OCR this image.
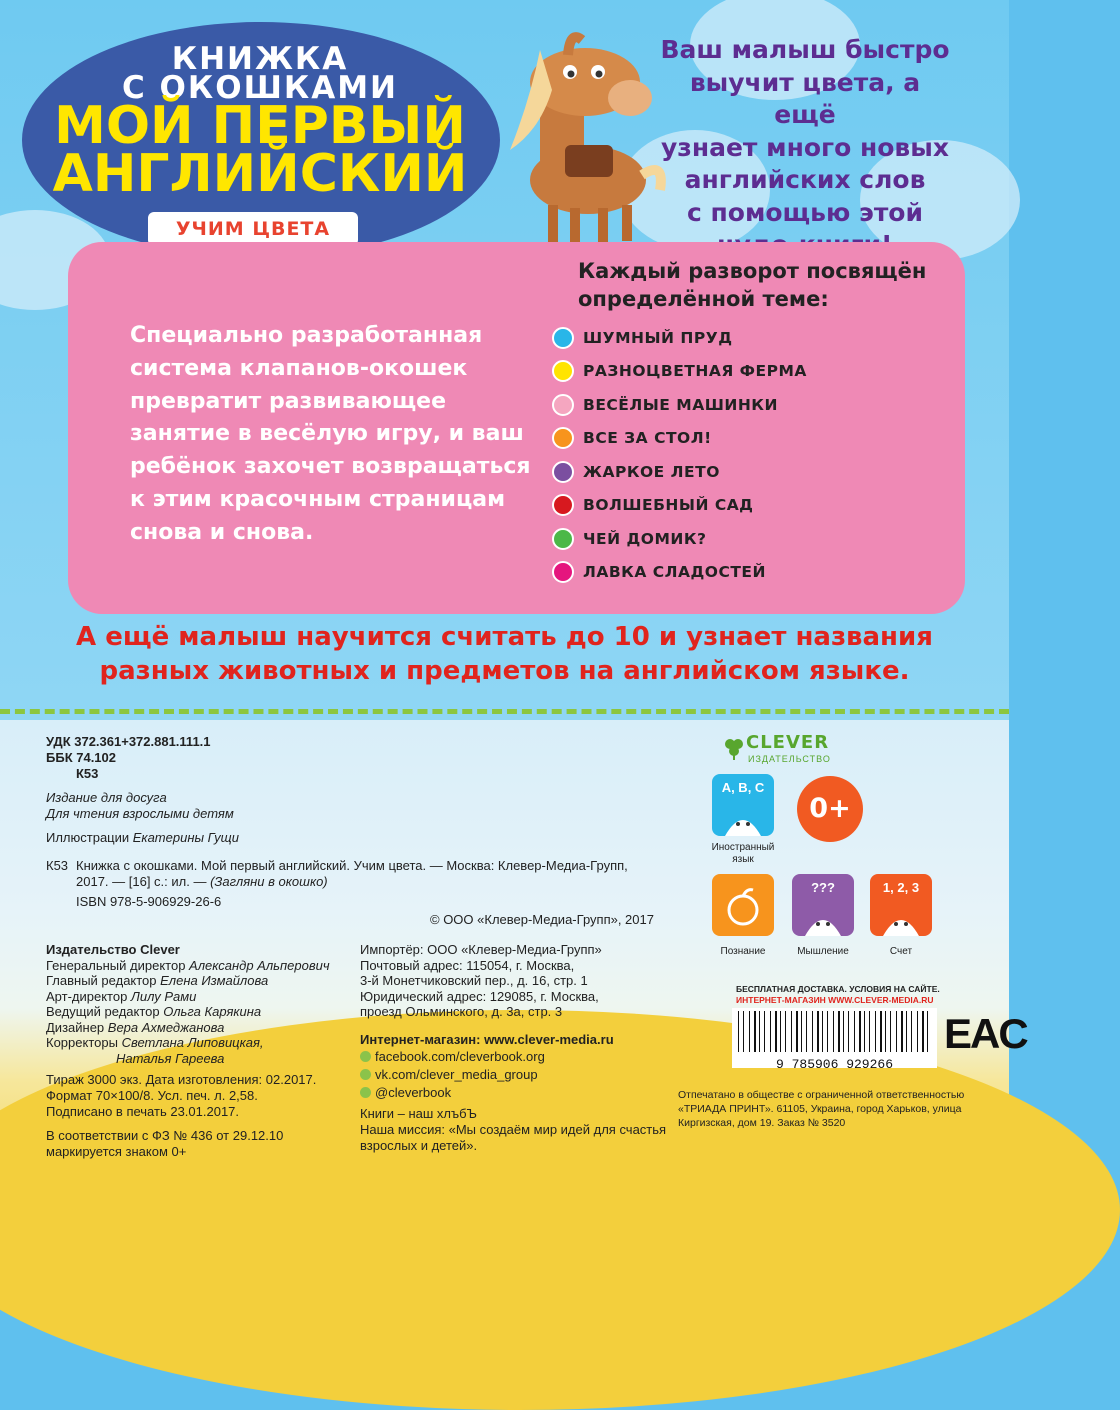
КНИЖКА
С ОКОШКАМИ
МОЙ ПЕРВЫЙ
АНГЛИЙСКИЙ
УЧИМ ЦВЕТА
Ваш малыш быстро
выучит цвета, а ещё
узнает много новых
английских слов
с помощью этой
Специально разработанная
система клапанов-окошек
превратит развивающее
занятие в весёлую игру, и ваш
ребёнок захочет возвращаться
к этим красочным страницам
снова и снова.
Каждый разворот посвящён
определённой теме:
ШУМНЫЙ ПРУД
РАЗНОЦВЕТНАЯ ФЕРМА
ВЕСЁЛЫЕ МАШИНКИ
ВСЕ ЗА СТОЛ!
ЖАРКОЕ ЛЕТО
ВОЛШЕБНЫЙ САД
ЧЕЙ ДОМИК?
ЛАВКА СЛАДОСТЕЙ
А ещё малыш научится считать до 10 и узнает названия
разных животных и предметов на английском языке.
УДК 372.361+372.881.111.1
ББК 74.102
К53
Издание для досуга
Для чтения взрослыми детям
Иллюстрации Екатерины Гущи
К53 Книжка с окошками. Мой первый английский. Учим цвета. — Москва: Клевер-Медиа-Групп,
2017. — [16] с.: ил. — (Загляни в окошко)
ISBN 978-5-906929-26-6
© ООО «Клевер-Медиа-Групп», 2017
Издательство Clever
Генеральный директор Александр Альперович
Главный редактор Елена Измайлова
Арт-директор Лилу Рами
Ведущий редактор Ольга Карякина
Дизайнер Вера Ахмеджанова
Корректоры Светлана Липовицкая,
Наталья Гареева
Тираж 3000 экз. Дата изготовления: 02.2017.
Формат 70×100/8. Усл. печ. л. 2,58.
Подписано в печать 23.01.2017.
В соответствии с ФЗ № 436 от 29.12.10
маркируется знаком 0+
Импортёр: ООО «Клевер-Медиа-Групп»
Почтовый адрес: 115054, г. Москва,
3-й Монетчиковский пер., д. 16, стр. 1
Юридический адрес: 129085, г. Москва,
проезд Ольминского, д. 3а, стр. 3
Интернет-магазин: www.clever-media.ru
facebook.com/cleverbook.org
vk.com/clever_media_group
@cleverbook
Книги – наш хлъбЪ
Наша миссия: «Мы создаём мир идей для счастья
взрослых и детей».
CLEVER
ИЗДАТЕЛЬСТВО
A, B, C
Иностранный
язык
0+
Познание
???
Мышление
1, 2, 3
Счет
БЕСПЛАТНАЯ ДОСТАВКА. УСЛОВИЯ НА САЙТЕ.
ИНТЕРНЕТ-МАГАЗИН WWW.CLEVER-MEDIA.RU
9 785906 929266
EAC
Отпечатано в обществе с ограниченной ответственностью
«ТРИАДА ПРИНТ». 61105, Украина, город Харьков, улица
Киргизская, дом 19. Заказ № 3520
